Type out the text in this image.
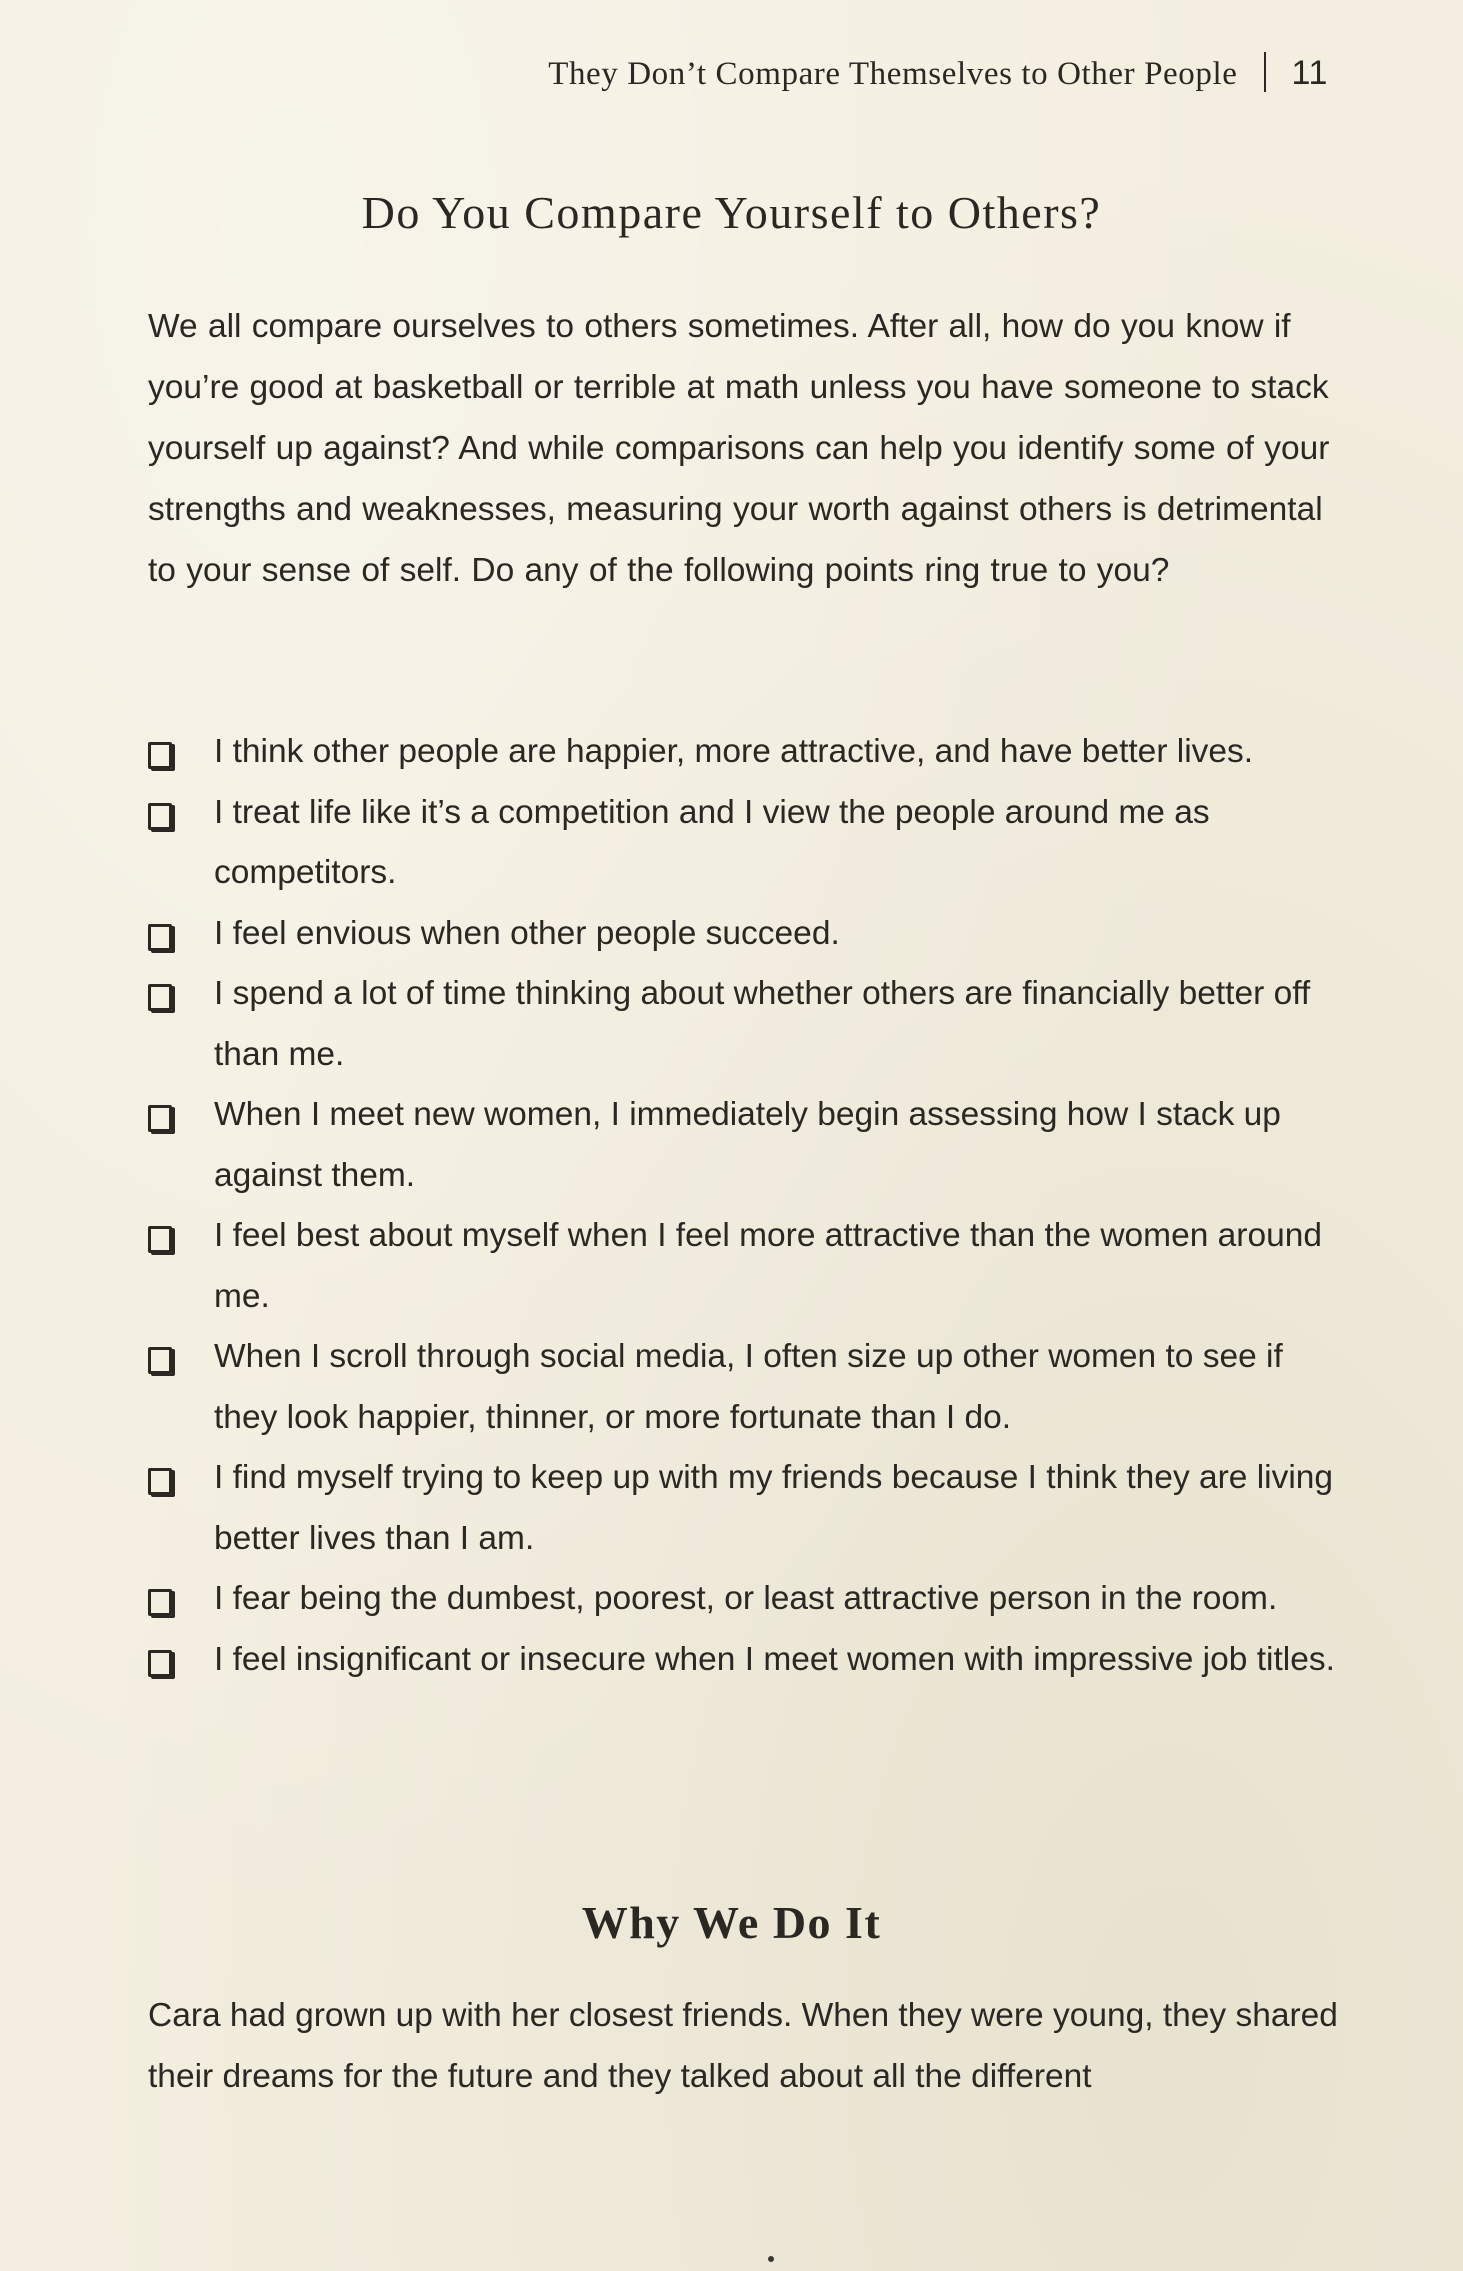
They Don’t Compare Themselves to Other People 11
Do You Compare Yourself to Others?

We all compare ourselves to others sometimes. After all, how do you know if you’re good at basketball or terrible at math unless you have someone to stack yourself up against? And while comparisons can help you identify some of your strengths and weaknesses, measuring your worth against others is detrimental to your sense of self. Do any of the following points ring true to you?

I think other people are happier, more attractive, and have better lives.
I treat life like it’s a competition and I view the people around me as competitors.
I feel envious when other people succeed.
I spend a lot of time thinking about whether others are financially better off than me.
When I meet new women, I immediately begin assessing how I stack up against them.
I feel best about myself when I feel more attractive than the women around me.
When I scroll through social media, I often size up other women to see if they look happier, thinner, or more fortunate than I do.
I find myself trying to keep up with my friends because I think they are living better lives than I am.
I fear being the dumbest, poorest, or least attractive person in the room.
I feel insignificant or insecure when I meet women with impressive job titles.
Why We Do It

Cara had grown up with her closest friends. When they were young, they shared their dreams for the future and they talked about all the different
